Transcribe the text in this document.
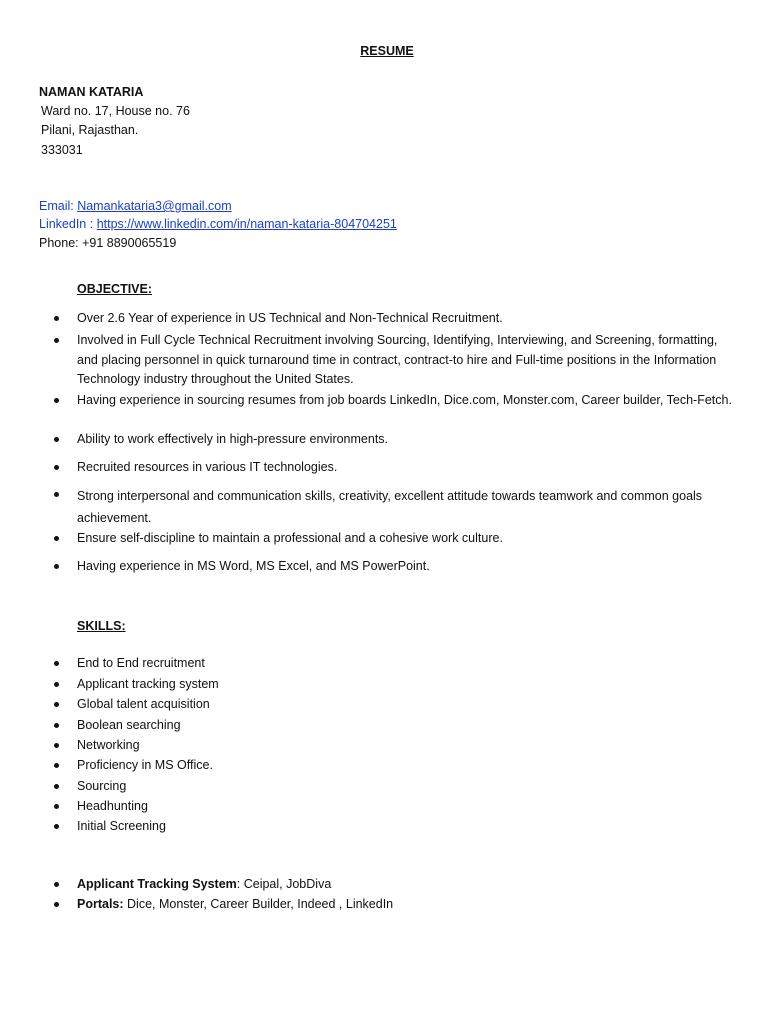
RESUME
NAMAN KATARIA
Ward no. 17, House no. 76
Pilani, Rajasthan.
333031
Email: Namankataria3@gmail.com
LinkedIn : https://www.linkedin.com/in/naman-kataria-804704251
Phone: +91 8890065519
OBJECTIVE:
Over 2.6 Year of experience in US Technical and Non-Technical Recruitment.
Involved in Full Cycle Technical Recruitment involving Sourcing, Identifying, Interviewing, and Screening, formatting, and placing personnel in quick turnaround time in contract, contract-to hire and Full-time positions in the Information Technology industry throughout the United States.
Having experience in sourcing resumes from job boards LinkedIn, Dice.com, Monster.com, Career builder, Tech-Fetch.
Ability to work effectively in high-pressure environments.
Recruited resources in various IT technologies.
Strong interpersonal and communication skills, creativity, excellent attitude towards teamwork and common goals achievement.
Ensure self-discipline to maintain a professional and a cohesive work culture.
Having experience in MS Word, MS Excel, and MS PowerPoint.
SKILLS:
End to End recruitment
Applicant tracking system
Global talent acquisition
Boolean searching
Networking
Proficiency in MS Office.
Sourcing
Headhunting
Initial Screening
Applicant Tracking System: Ceipal, JobDiva
Portals: Dice, Monster, Career Builder, Indeed , LinkedIn
